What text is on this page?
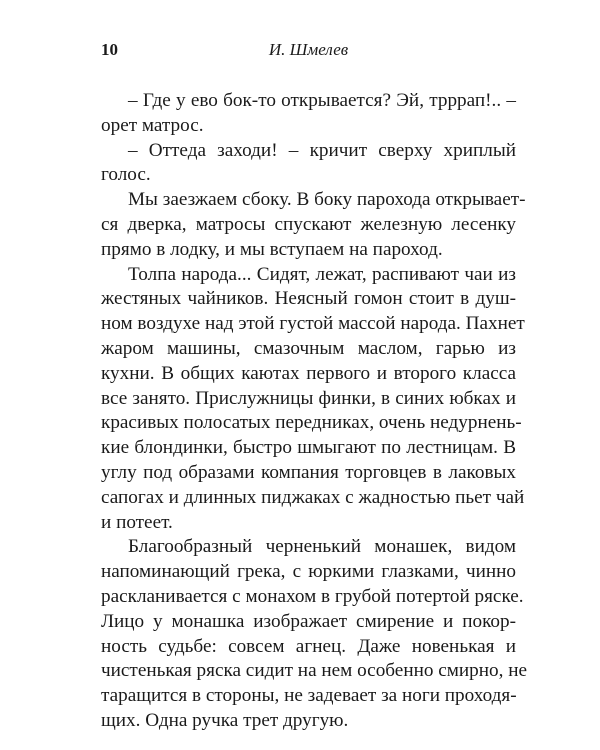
10	И. Шмелев
– Где у ево бок-то открывается? Эй, трррап!.. –
орет матрос.
– Оттеда заходи! – кричит сверху хриплый
голос.
Мы заезжаем сбоку. В боку парохода открывает-
ся дверка, матросы спускают железную лесенку
прямо в лодку, и мы вступаем на пароход.
Толпа народа... Сидят, лежат, распивают чаи из
жестяных чайников. Неясный гомон стоит в душ-
ном воздухе над этой густой массой народа. Пахнет
жаром машины, смазочным маслом, гарью из
кухни. В общих каютах первого и второго класса
все занято. Прислужницы финки, в синих юбках и
красивых полосатых передниках, очень недурнень-
кие блондинки, быстро шмыгают по лестницам. В
углу под образами компания торговцев в лаковых
сапогах и длинных пиджаках с жадностью пьет чай
и потеет.
Благообразный черненький монашек, видом
напоминающий грека, с юркими глазками, чинно
раскланивается с монахом в грубой потертой ряске.
Лицо у монашка изображает смирение и покор-
ность судьбе: совсем агнец. Даже новенькая и
чистенькая ряска сидит на нем особенно смирно, не
таращится в стороны, не задевает за ноги проходя-
щих. Одна ручка трет другую.
